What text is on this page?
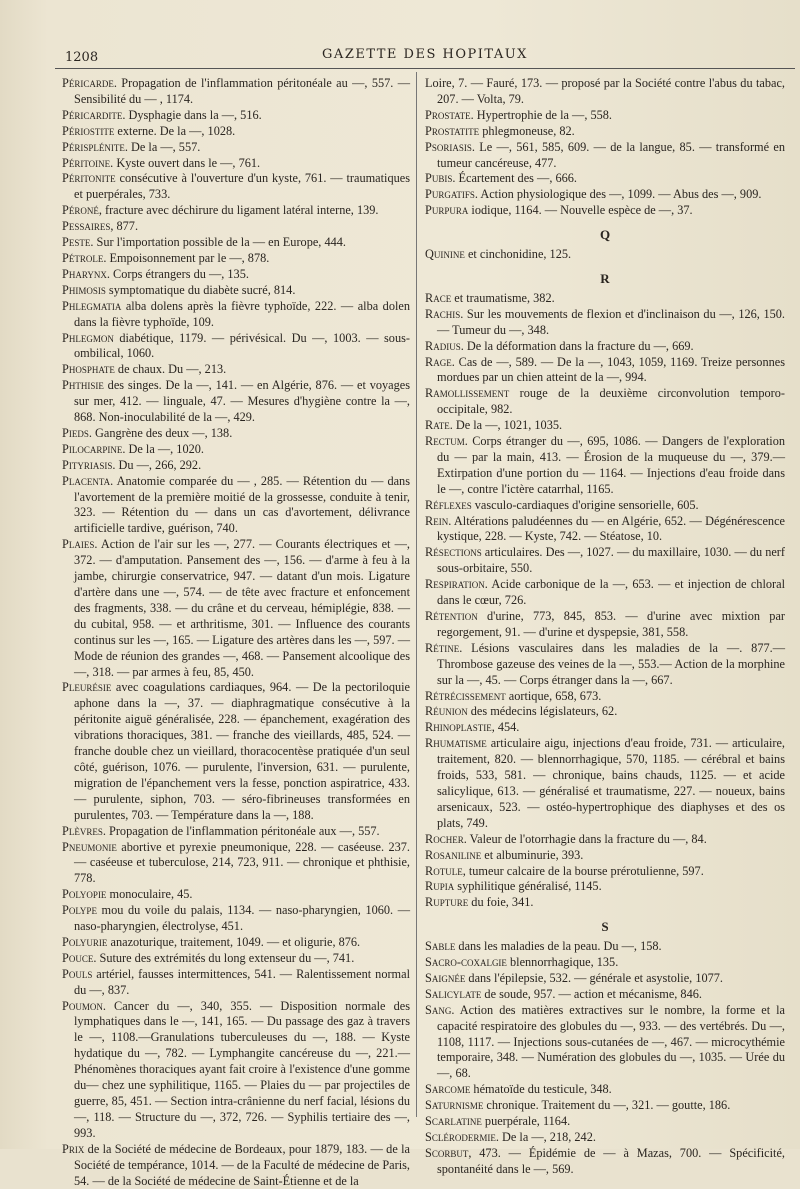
1208	GAZETTE DES HOPITAUX

Péricarde. Propagation de l'inflammation péritonéale au —, 557. — Sensibilité du — , 1174.

Péricardite. Dysphagie dans la —, 516.

Périostite externe. De la —, 1028.

Périsplénite. De la —, 557.

Péritoine. Kyste ouvert dans le —, 761.

Péritonite consécutive à l'ouverture d'un kyste, 761. — traumatiques et puerpérales, 733.

Péroné, fracture avec déchirure du ligament latéral interne, 139.

Pessaires, 877.

Peste. Sur l'importation possible de la — en Europe, 444.

Pétrole. Empoisonnement par le —, 878.

Pharynx. Corps étrangers du —, 135.

Phimosis symptomatique du diabète sucré, 814.

Phlegmatia alba dolens après la fièvre typhoïde, 222. — alba dolen dans la fièvre typhoïde, 109.

Phlegmon diabétique, 1179. — périvésical. Du —, 1003. — sous-ombilical, 1060.

Phosphate de chaux. Du —, 213.

Phthisie des singes. De la —, 141. — en Algérie, 876. — et voyages sur mer, 412. — linguale, 47. — Mesures d'hygiène contre la —, 868. Non-inoculabilité de la —, 429.

Pieds. Gangrène des deux —, 138.

Pilocarpine. De la —, 1020.

Pityriasis. Du —, 266, 292.

Placenta. Anatomie comparée du — , 285. — Rétention du — dans l'avortement de la première moitié de la grossesse, conduite à tenir, 323. — Rétention du — dans un cas d'avortement, délivrance artificielle tardive, guérison, 740.

Plaies. Action de l'air sur les —, 277. — Courants électriques et —, 372. — d'amputation. Pansement des —, 156. — d'arme à feu à la jambe, chirurgie conservatrice, 947. — datant d'un mois. Ligature d'artère dans une —, 574. — de tête avec fracture et enfoncement des fragments, 338. — du crâne et du cerveau, hémiplégie, 838. — du cubital, 958. — et arthritisme, 301. — Influence des courants continus sur les —, 165. — Ligature des artères dans les —, 597. — Mode de réunion des grandes —, 468. — Pansement alcoolique des —, 318. — par armes à feu, 85, 450.

Pleurésie avec coagulations cardiaques, 964. — De la pectoriloquie aphone dans la —, 37. — diaphragmatique consécutive à la péritonite aiguë généralisée, 228. — épanchement, exagération des vibrations thoraciques, 381. — franche des vieillards, 485, 524. — franche double chez un vieillard, thoracocentèse pratiquée d'un seul côté, guérison, 1076. — purulente, l'inversion, 631. — purulente, migration de l'épanchement vers la fesse, ponction aspiratrice, 433. — purulente, siphon, 703. — séro-fibrineuses transformées en purulentes, 703. — Température dans la —, 188.

Plèvres. Propagation de l'inflammation péritonéale aux —, 557.

Pneumonie abortive et pyrexie pneumonique, 228. — caséeuse. 237. — caséeuse et tuberculose, 214, 723, 911. — chronique et phthisie, 778.

Polyopie monoculaire, 45.

Polype mou du voile du palais, 1134. — naso-pharyngien, 1060. — naso-pharyngien, électrolyse, 451.

Polyurie anazoturique, traitement, 1049. — et oligurie, 876.

Pouce. Suture des extrémités du long extenseur du —, 741.

Pouls artériel, fausses intermittences, 541. — Ralentissement normal du —, 837.

Poumon. Cancer du —, 340, 355. — Disposition normale des lymphatiques dans le —, 141, 165. — Du passage des gaz à travers le —, 1108.—Granulations tuberculeuses du —, 188. — Kyste hydatique du —, 782. — Lymphangite cancéreuse du —, 221.— Phénomènes thoraciques ayant fait croire à l'existence d'une gomme du— chez une syphilitique, 1165. — Plaies du — par projectiles de guerre, 85, 451. — Section intra-crânienne du nerf facial, lésions du —, 118. — Structure du —, 372, 726. — Syphilis tertiaire des —, 993.

Prix de la Société de médecine de Bordeaux, pour 1879, 183. — de la Société de tempérance, 1014. — de la Faculté de médecine de Paris, 54. — de la Société de médecine de Saint-Étienne et de la

Loire, 7. — Fauré, 173. — proposé par la Société contre l'abus du tabac, 207. — Volta, 79.

Prostate. Hypertrophie de la —, 558.

Prostatite phlegmoneuse, 82.

Psoriasis. Le —, 561, 585, 609. — de la langue, 85. — transformé en tumeur cancéreuse, 477.

Pubis. Écartement des —, 666.

Purgatifs. Action physiologique des —, 1099. — Abus des —, 909.

Purpura iodique, 1164. — Nouvelle espèce de —, 37.

Q

Quinine et cinchonidine, 125.

R

Race et traumatisme, 382.

Rachis. Sur les mouvements de flexion et d'inclinaison du —, 126, 150. — Tumeur du —, 348.

Radius. De la déformation dans la fracture du —, 669.

Rage. Cas de —, 589. — De la —, 1043, 1059, 1169. Treize personnes mordues par un chien atteint de la —, 994.

Ramollissement rouge de la deuxième circonvolution temporo-occipitale, 982.

Rate. De la —, 1021, 1035.

Rectum. Corps étranger du —, 695, 1086. — Dangers de l'exploration du — par la main, 413. — Érosion de la muqueuse du —, 379.— Extirpation d'une portion du — 1164. — Injections d'eau froide dans le —, contre l'ictère catarrhal, 1165.

Réflexes vasculo-cardiaques d'origine sensorielle, 605.

Rein. Altérations paludéennes du — en Algérie, 652. — Dégénérescence kystique, 228. — Kyste, 742. — Stéatose, 10.

Résections articulaires. Des —, 1027. — du maxillaire, 1030. — du nerf sous-orbitaire, 550.

Respiration. Acide carbonique de la —, 653. — et injection de chloral dans le cœur, 726.

Rétention d'urine, 773, 845, 853. — d'urine avec mixtion par regorgement, 91. — d'urine et dyspepsie, 381, 558.

Rétine. Lésions vasculaires dans les maladies de la —. 877.— Thrombose gazeuse des veines de la —, 553.— Action de la morphine sur la —, 45. — Corps étranger dans la —, 667.

Rétrécissement aortique, 658, 673.

Réunion des médecins législateurs, 62.

Rhinoplastie, 454.

Rhumatisme articulaire aigu, injections d'eau froide, 731. — articulaire, traitement, 820. — blennorrhagique, 570, 1185. — cérébral et bains froids, 533, 581. — chronique, bains chauds, 1125. — et acide salicylique, 613. — généralisé et traumatisme, 227. — noueux, bains arsenicaux, 523. — ostéo-hypertrophique des diaphyses et des os plats, 749.

Rocher. Valeur de l'otorrhagie dans la fracture du —, 84.

Rosaniline et albuminurie, 393.

Rotule, tumeur calcaire de la bourse prérotulienne, 597.

Rupia syphilitique généralisé, 1145.

Rupture du foie, 341.

S

Sable dans les maladies de la peau. Du —, 158.

Sacro-coxalgie blennorrhagique, 135.

Saignée dans l'épilepsie, 532. — générale et asystolie, 1077.

Salicylate de soude, 957. — action et mécanisme, 846.

Sang. Action des matières extractives sur le nombre, la forme et la capacité respiratoire des globules du —, 933. — des vertébrés. Du —, 1108, 1117. — Injections sous-cutanées de —, 467. — microcythémie temporaire, 348. — Numération des globules du —, 1035. — Urée du —, 68.

Sarcome hématoïde du testicule, 348.

Saturnisme chronique. Traitement du —, 321. — goutte, 186.

Scarlatine puerpérale, 1164.

Sclérodermie. De la —, 218, 242.

Scorbut, 473. — Épidémie de — à Mazas, 700. — Spécificité, spontanéité dans le —, 569.
